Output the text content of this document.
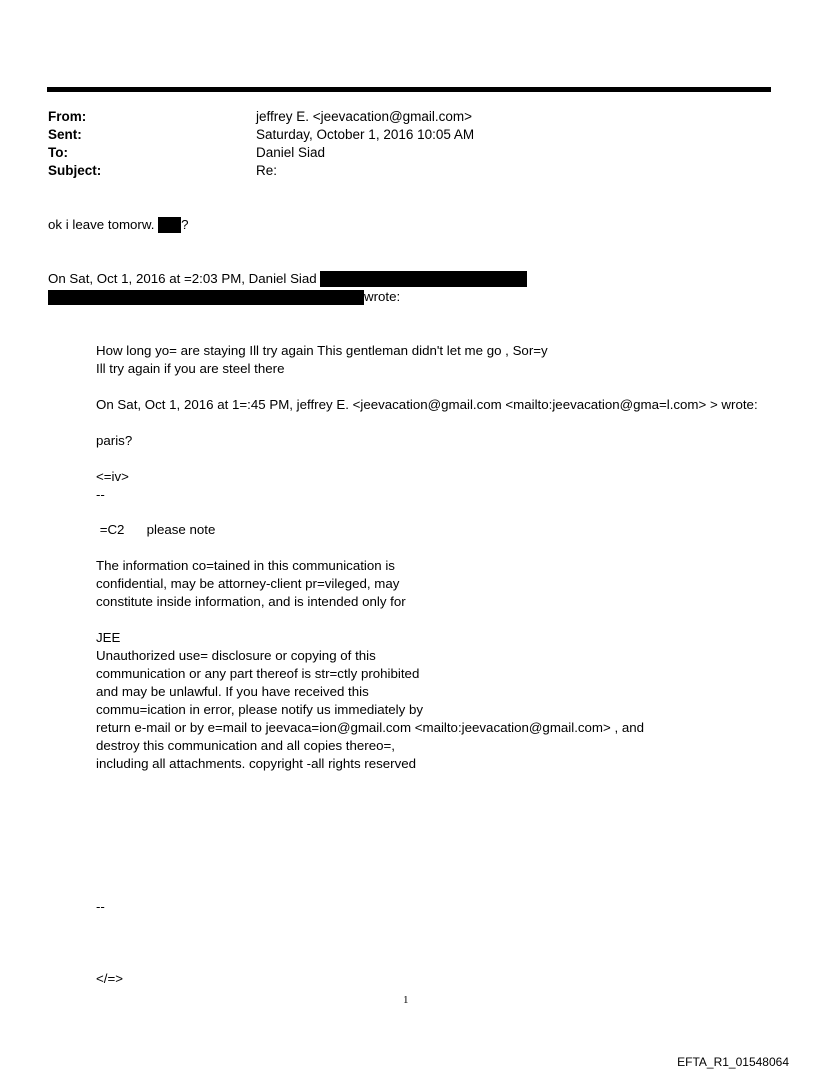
From:	jeffrey E. <jeevacation@gmail.com>
Sent:	Saturday, October 1, 2016 10:05 AM
To:	Daniel Siad
Subject:	Re:
ok i leave tomorw. ?
On Sat, Oct 1, 2016 at =2:03 PM, Daniel Siad
wrote:
How long yo= are staying Ill try again This gentleman didn't let me go , Sor=y
Ill try again if you are steel there
On Sat, Oct 1, 2016 at 1=:45 PM, jeffrey E. <jeevacation@gmail.com <mailto:jeevacation@gma=l.com> > wrote:
paris?
<=iv>
--
=C2      please note
The information co=tained in this communication is
confidential, may be attorney-client pr=vileged, may
constitute inside information, and is intended only for
JEE
Unauthorized use= disclosure or copying of this
communication or any part thereof is str=ctly prohibited
and may be unlawful. If you have received this
commu=ication in error, please notify us immediately by
return e-mail or by e=mail to jeevaca=ion@gmail.com <mailto:jeevacation@gmail.com> , and
destroy this communication and all copies thereo=,
including all attachments. copyright -all rights reserved
--
</=>
1
EFTA_R1_01548064
